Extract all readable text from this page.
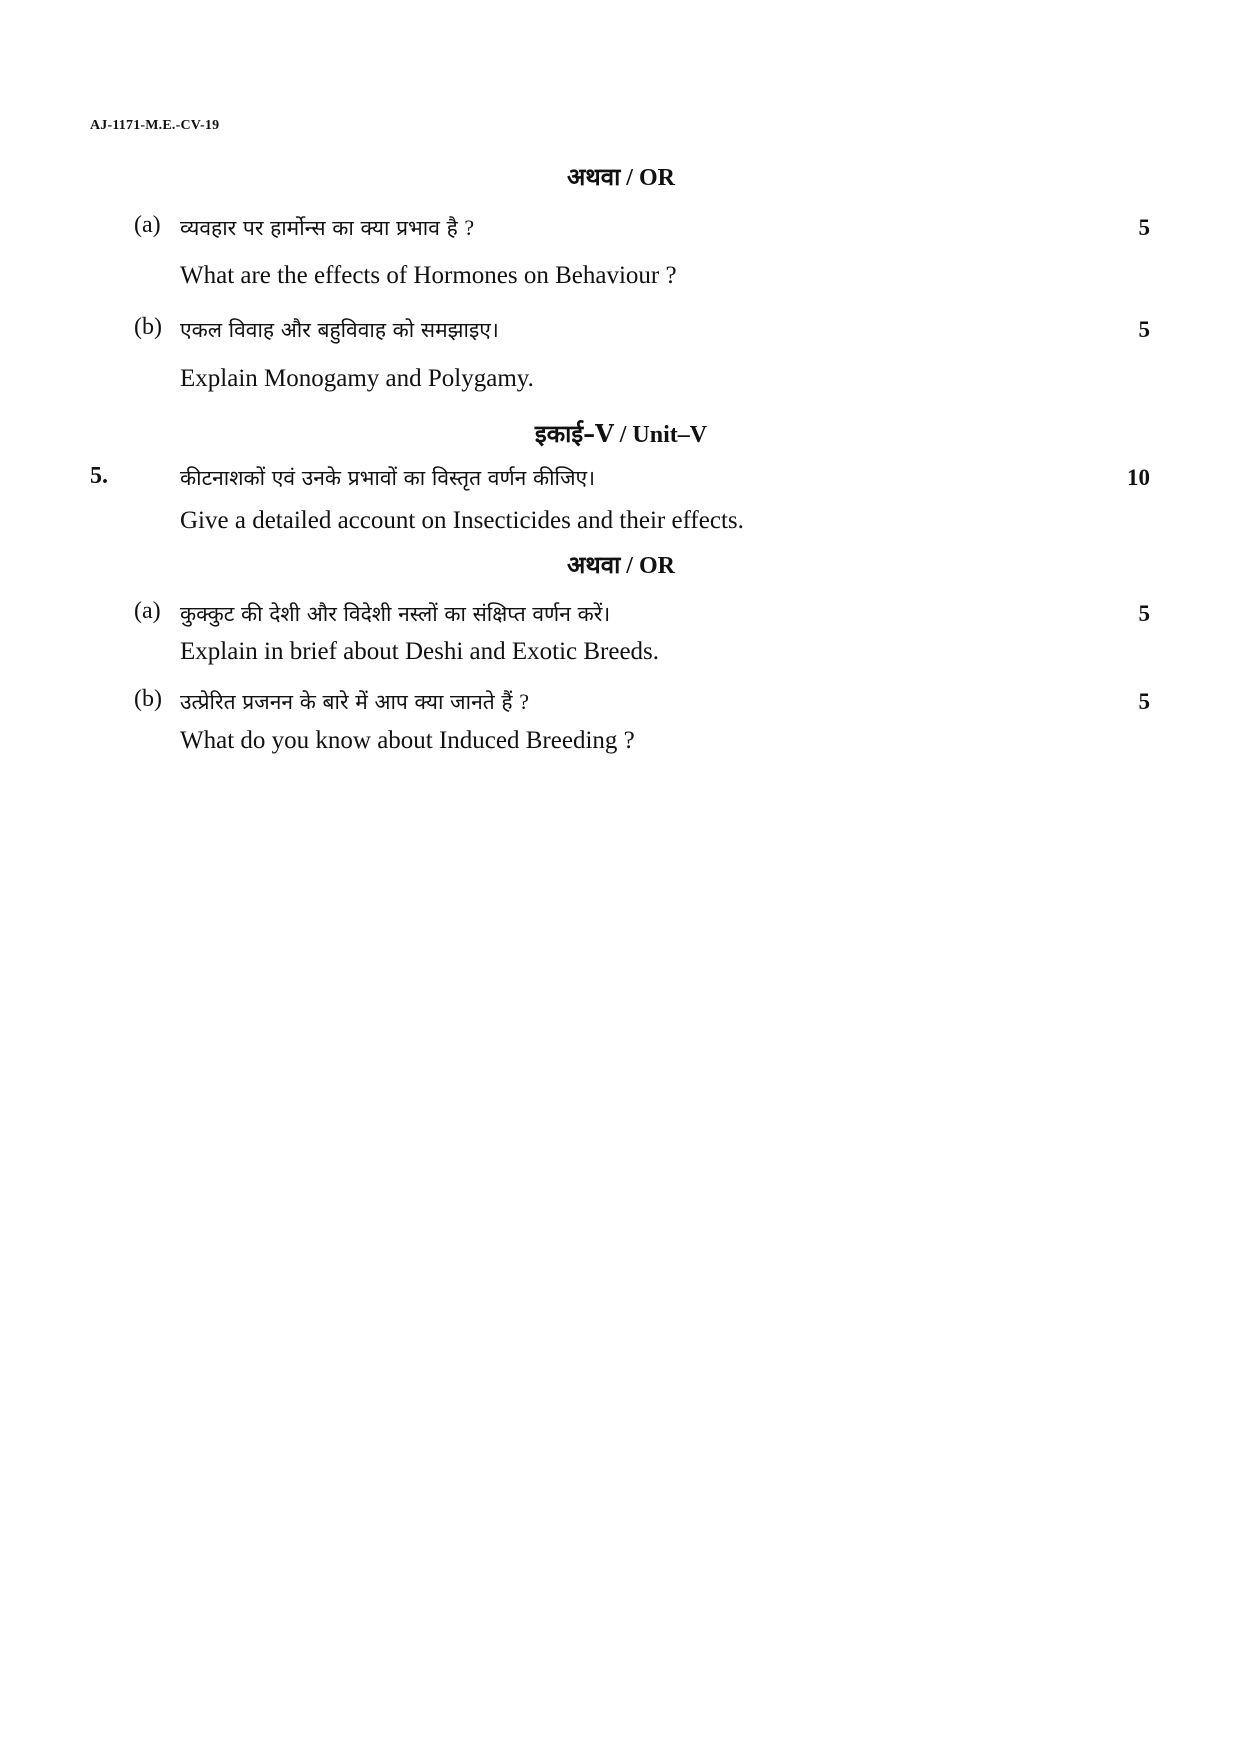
AJ-1171-M.E.-CV-19
अथवा / OR
(a) व्यवहार पर हार्मोन्स का क्या प्रभाव है ?	5
What are the effects of Hormones on Behaviour ?
(b) एकल विवाह और बहुविवाह को समझाइए।	5
Explain Monogamy and Polygamy.
इकाई–V / Unit–V
5.	कीटनाशकों एवं उनके प्रभावों का विस्तृत वर्णन कीजिए।	10
Give a detailed account on Insecticides and their effects.
अथवा / OR
(a) कुक्कुट की देशी और विदेशी नस्लों का संक्षिप्त वर्णन करें।	5
Explain in brief about Deshi and Exotic Breeds.
(b) उत्प्रेरित प्रजनन के बारे में आप क्या जानते हैं ?	5
What do you know about Induced Breeding ?
